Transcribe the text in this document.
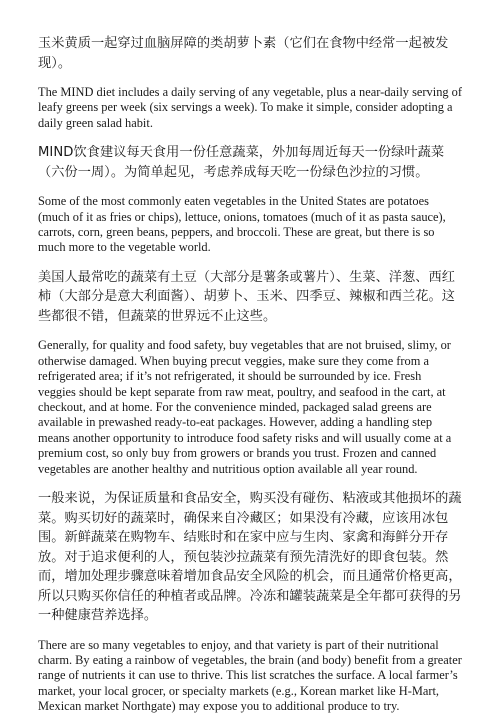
玉米黄质一起穿过血脑屏障的类胡萝卜素（它们在食物中经常一起被发现）。

The MIND diet includes a daily serving of any vegetable, plus a near-daily serving of leafy greens per week (six servings a week). To make it simple, consider adopting a daily green salad habit.

MIND饮食建议每天食用一份任意蔬菜，外加每周近每天一份绿叶蔬菜（六份一周）。为简单起见，考虑养成每天吃一份绿色沙拉的习惯。

Some of the most commonly eaten vegetables in the United States are potatoes (much of it as fries or chips), lettuce, onions, tomatoes (much of it as pasta sauce), carrots, corn, green beans, peppers, and broccoli. These are great, but there is so much more to the vegetable world.

美国人最常吃的蔬菜有土豆（大部分是薯条或薯片）、生菜、洋葱、西红柿（大部分是意大利面酱）、胡萝卜、玉米、四季豆、辣椒和西兰花。这些都很不错，但蔬菜的世界远不止这些。

Generally, for quality and food safety, buy vegetables that are not bruised, slimy, or otherwise damaged. When buying precut veggies, make sure they come from a refrigerated area; if it’s not refrigerated, it should be surrounded by ice. Fresh veggies should be kept separate from raw meat, poultry, and seafood in the cart, at checkout, and at home. For the convenience minded, packaged salad greens are available in prewashed ready-to-eat packages. However, adding a handling step means another opportunity to introduce food safety risks and will usually come at a premium cost, so only buy from growers or brands you trust. Frozen and canned vegetables are another healthy and nutritious option available all year round.

一般来说，为保证质量和食品安全，购买没有碰伤、粘液或其他损坏的蔬菜。购买切好的蔬菜时，确保来自冷藏区；如果没有冷藏，应该用冰包围。新鲜蔬菜在购物车、结账时和在家中应与生肉、家禽和海鲜分开存放。对于追求便利的人，预包装沙拉蔬菜有预先清洗好的即食包装。然而，增加处理步骤意味着增加食品安全风险的机会，而且通常价格更高，所以只购买你信任的种植者或品牌。冷冻和罐装蔬菜是全年都可获得的另一种健康营养选择。

There are so many vegetables to enjoy, and that variety is part of their nutritional charm. By eating a rainbow of vegetables, the brain (and body) benefit from a greater range of nutrients it can use to thrive. This list scratches the surface. A local farmer’s market, your local grocer, or specialty markets (e.g., Korean market like H-Mart, Mexican market Northgate) may expose you to additional produce to try.
